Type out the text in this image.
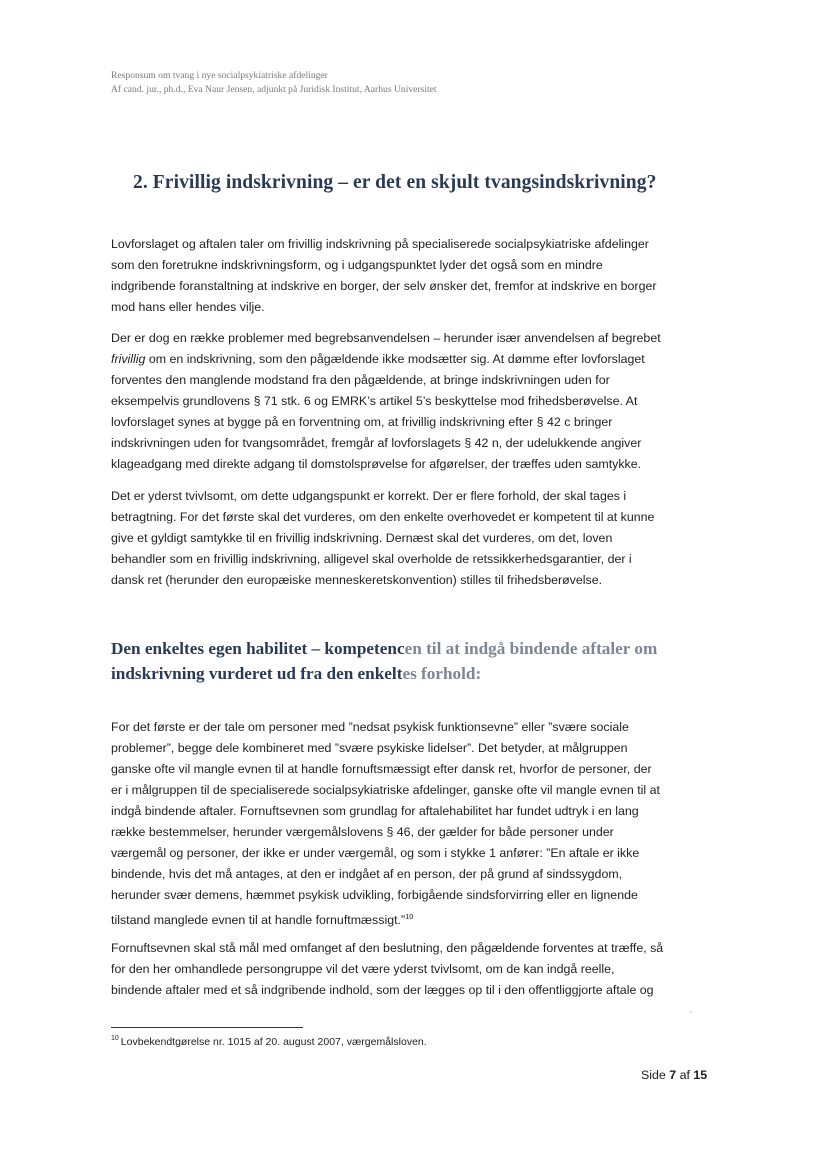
Responsum om tvang i nye socialpsykiatriske afdelinger
Af cand. jur., ph.d., Eva Naur Jensen, adjunkt på Juridisk Institut, Aarhus Universitet
2. Frivillig indskrivning – er det en skjult tvangsindskrivning?

Lovforslaget og aftalen taler om frivillig indskrivning på specialiserede socialpsykiatriske afdelinger
som den foretrukne indskrivningsform, og i udgangspunktet lyder det også som en mindre
indgribende foranstaltning at indskrive en borger, der selv ønsker det, fremfor at indskrive en borger
mod hans eller hendes vilje.

Der er dog en række problemer med begrebsanvendelsen – herunder især anvendelsen af begrebet
frivillig om en indskrivning, som den pågældende ikke modsætter sig. At dømme efter lovforslaget
forventes den manglende modstand fra den pågældende, at bringe indskrivningen uden for
eksempelvis grundlovens § 71 stk. 6 og EMRK’s artikel 5’s beskyttelse mod frihedsberøvelse. At
lovforslaget synes at bygge på en forventning om, at frivillig indskrivning efter § 42 c bringer
indskrivningen uden for tvangsområdet, fremgår af lovforslagets § 42 n, der udelukkende angiver
klageadgang med direkte adgang til domstolsprøvelse for afgørelser, der træffes uden samtykke.

Det er yderst tvivlsomt, om dette udgangspunkt er korrekt. Der er flere forhold, der skal tages i
betragtning. For det første skal det vurderes, om den enkelte overhovedet er kompetent til at kunne
give et gyldigt samtykke til en frivillig indskrivning. Dernæst skal det vurderes, om det, loven
behandler som en frivillig indskrivning, alligevel skal overholde de retssikkerhedsgarantier, der i
dansk ret (herunder den europæiske menneskeretskonvention) stilles til frihedsberøvelse.

Den enkeltes egen habilitet – kompetencen til at indgå bindende aftaler om
indskrivning vurderet ud fra den enkeltes forhold:

For det første er der tale om personer med ”nedsat psykisk funktionsevne” eller ”svære sociale
problemer”, begge dele kombineret med ”svære psykiske lidelser”. Det betyder, at målgruppen
ganske ofte vil mangle evnen til at handle fornuftsmæssigt efter dansk ret, hvorfor de personer, der
er i målgruppen til de specialiserede socialpsykiatriske afdelinger, ganske ofte vil mangle evnen til at
indgå bindende aftaler. Fornuftsevnen som grundlag for aftalehabilitet har fundet udtryk i en lang
række bestemmelser, herunder værgemålslovens § 46, der gælder for både personer under
værgemål og personer, der ikke er under værgemål, og som i stykke 1 anfører: ”En aftale er ikke
bindende, hvis det må antages, at den er indgået af en person, der på grund af sindssygdom,
herunder svær demens, hæmmet psykisk udvikling, forbigående sindsforvirring eller en lignende
tilstand manglede evnen til at handle fornuftmæssigt.”$^{10}$

Fornuftsevnen skal stå mål med omfanget af den beslutning, den pågældende forventes at træffe, så
for den her omhandlede persongruppe vil det være yderst tvivlsomt, om de kan indgå reelle,
bindende aftaler med et så indgribende indhold, som der lægges op til i den offentliggjorte aftale og

$^{10}$ Lovbekendtgørelse nr. 1015 af 20. august 2007, værgemålsloven.
Side 7 af 15
